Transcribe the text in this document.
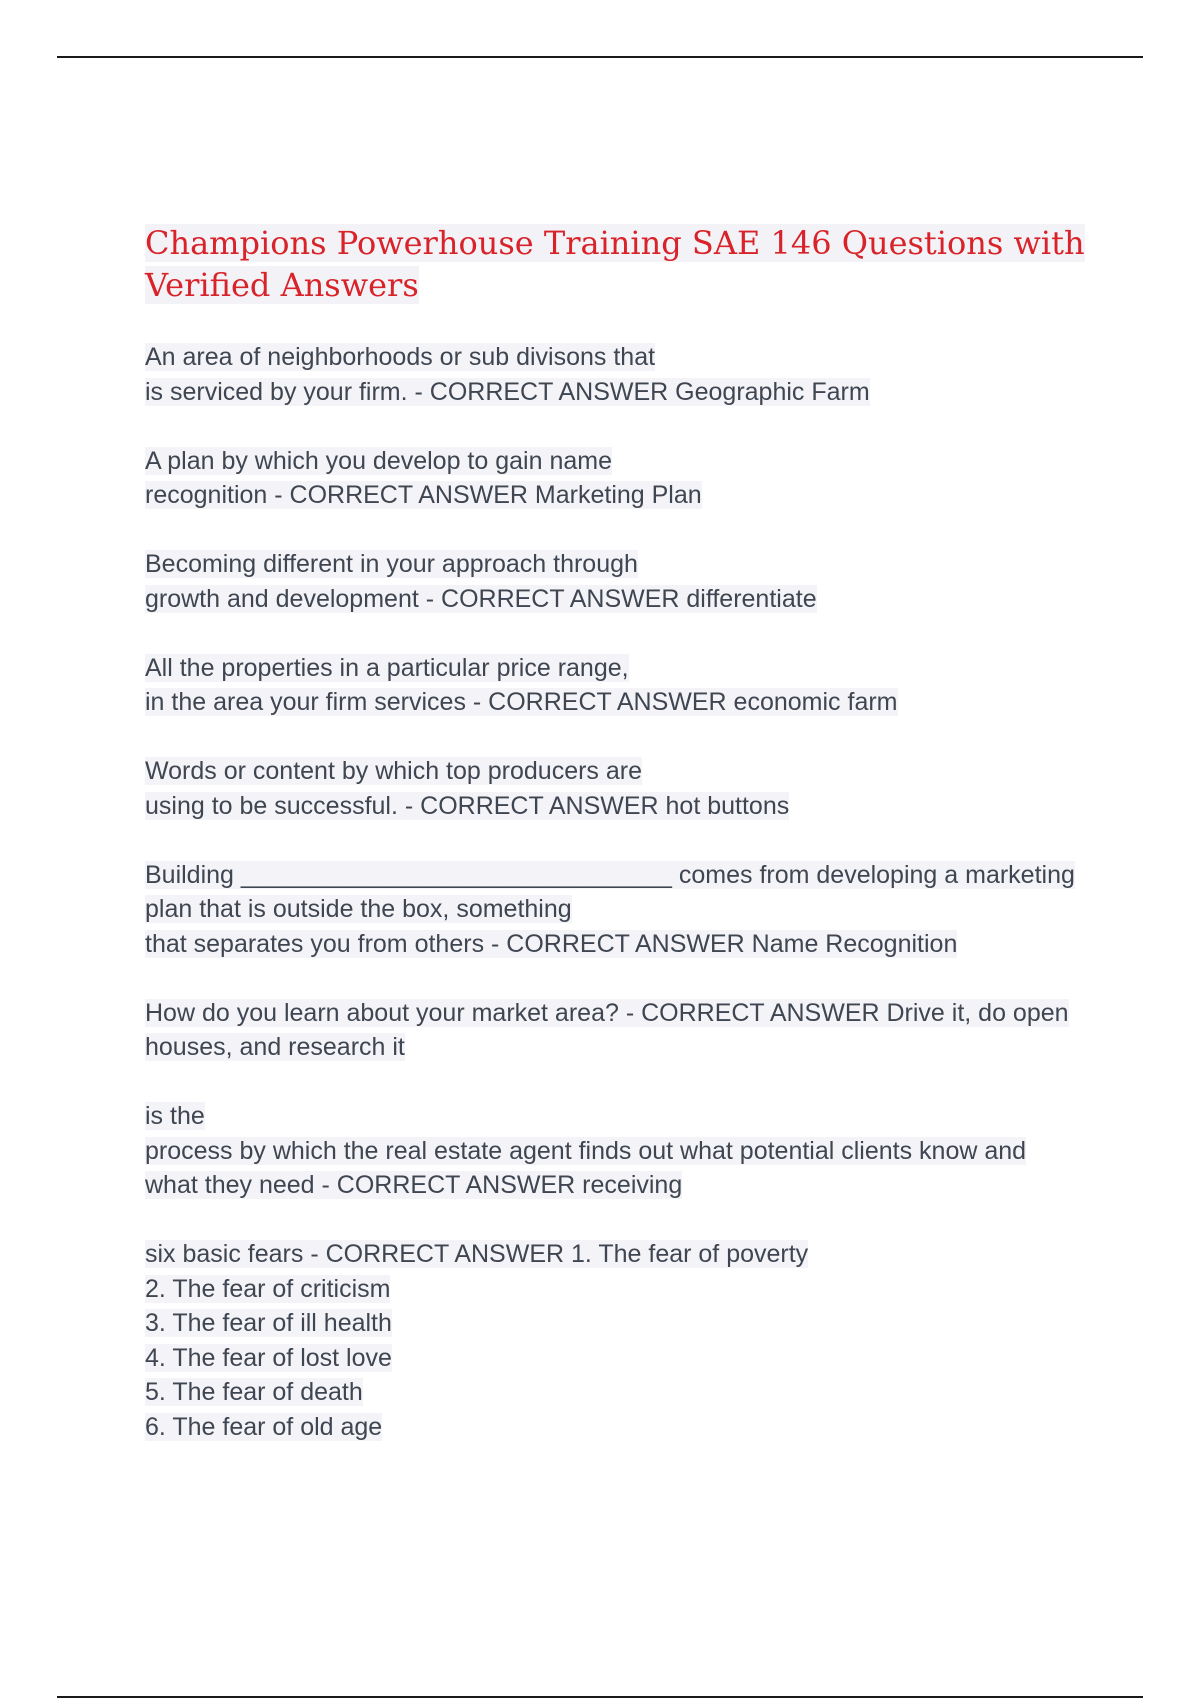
Champions Powerhouse Training SAE 146 Questions with
Verified Answers
An area of neighborhoods or sub divisons that
is serviced by your firm. - CORRECT ANSWER Geographic Farm
A plan by which you develop to gain name
recognition - CORRECT ANSWER Marketing Plan
Becoming different in your approach through
growth and development - CORRECT ANSWER differentiate
All the properties in a particular price range,
in the area your firm services - CORRECT ANSWER economic farm
Words or content by which top producers are
using to be successful. - CORRECT ANSWER hot buttons
Building _______________________________ comes from developing a marketing
plan that is outside the box, something
that separates you from others - CORRECT ANSWER Name Recognition
How do you learn about your market area? - CORRECT ANSWER Drive it, do open
houses, and research it
is the
process by which the real estate agent finds out what potential clients know and
what they need - CORRECT ANSWER receiving
six basic fears - CORRECT ANSWER 1. The fear of poverty
2. The fear of criticism
3. The fear of ill health
4. The fear of lost love
5. The fear of death
6. The fear of old age
